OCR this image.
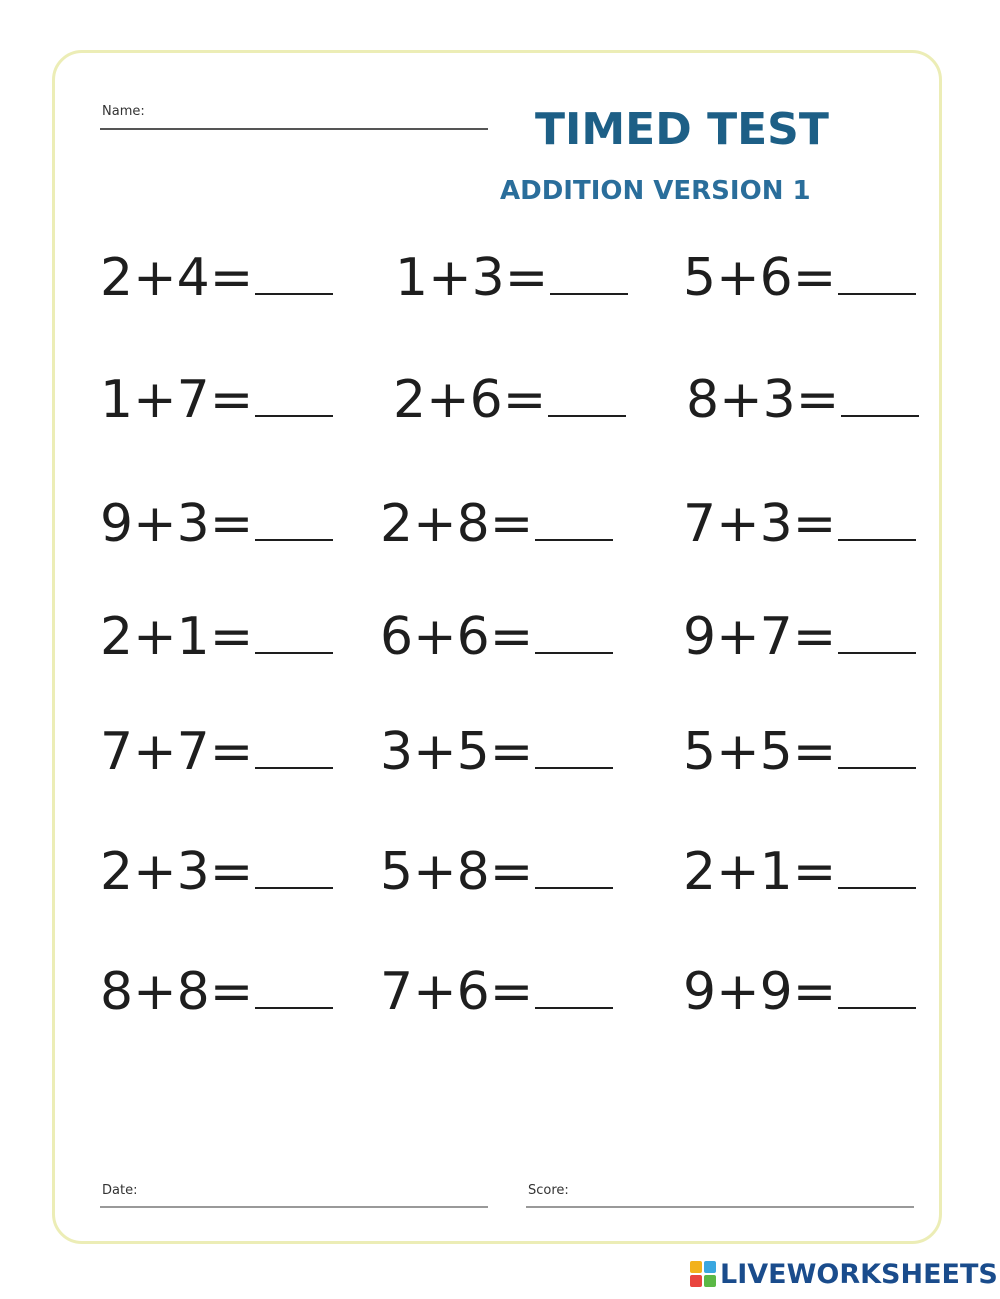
Name:	TIMED TEST
ADDITION VERSION 1
2+4=	1+3=	5+6=
1+7=	2+6=	8+3=
9+3=	2+8=	7+3=
2+1=	6+6=	9+7=
7+7=	3+5=	5+5=
2+3=	5+8=	2+1=
8+8=	7+6=	9+9=
Date:	Score:
LIVEWORKSHEETS
